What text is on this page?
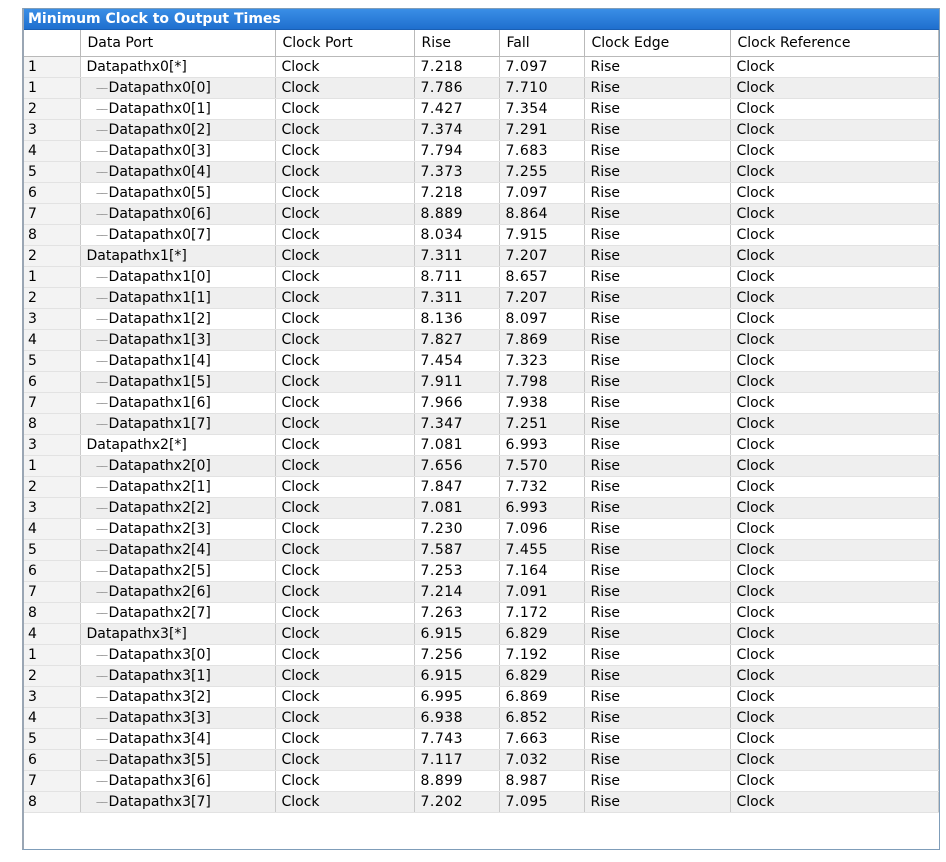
Minimum Clock to Output Times
	Data Port	Clock Port	Rise	Fall	Clock Edge	Clock Reference
1	Datapathx0[*]	Clock	7.218	7.097	Rise	Clock
1	── Datapathx0[0]	Clock	7.786	7.710	Rise	Clock
2	── Datapathx0[1]	Clock	7.427	7.354	Rise	Clock
3	── Datapathx0[2]	Clock	7.374	7.291	Rise	Clock
4	── Datapathx0[3]	Clock	7.794	7.683	Rise	Clock
5	── Datapathx0[4]	Clock	7.373	7.255	Rise	Clock
6	── Datapathx0[5]	Clock	7.218	7.097	Rise	Clock
7	── Datapathx0[6]	Clock	8.889	8.864	Rise	Clock
8	── Datapathx0[7]	Clock	8.034	7.915	Rise	Clock
2	Datapathx1[*]	Clock	7.311	7.207	Rise	Clock
1	── Datapathx1[0]	Clock	8.711	8.657	Rise	Clock
2	── Datapathx1[1]	Clock	7.311	7.207	Rise	Clock
3	── Datapathx1[2]	Clock	8.136	8.097	Rise	Clock
4	── Datapathx1[3]	Clock	7.827	7.869	Rise	Clock
5	── Datapathx1[4]	Clock	7.454	7.323	Rise	Clock
6	── Datapathx1[5]	Clock	7.911	7.798	Rise	Clock
7	── Datapathx1[6]	Clock	7.966	7.938	Rise	Clock
8	── Datapathx1[7]	Clock	7.347	7.251	Rise	Clock
3	Datapathx2[*]	Clock	7.081	6.993	Rise	Clock
1	── Datapathx2[0]	Clock	7.656	7.570	Rise	Clock
2	── Datapathx2[1]	Clock	7.847	7.732	Rise	Clock
3	── Datapathx2[2]	Clock	7.081	6.993	Rise	Clock
4	── Datapathx2[3]	Clock	7.230	7.096	Rise	Clock
5	── Datapathx2[4]	Clock	7.587	7.455	Rise	Clock
6	── Datapathx2[5]	Clock	7.253	7.164	Rise	Clock
7	── Datapathx2[6]	Clock	7.214	7.091	Rise	Clock
8	── Datapathx2[7]	Clock	7.263	7.172	Rise	Clock
4	Datapathx3[*]	Clock	6.915	6.829	Rise	Clock
1	── Datapathx3[0]	Clock	7.256	7.192	Rise	Clock
2	── Datapathx3[1]	Clock	6.915	6.829	Rise	Clock
3	── Datapathx3[2]	Clock	6.995	6.869	Rise	Clock
4	── Datapathx3[3]	Clock	6.938	6.852	Rise	Clock
5	── Datapathx3[4]	Clock	7.743	7.663	Rise	Clock
6	── Datapathx3[5]	Clock	7.117	7.032	Rise	Clock
7	── Datapathx3[6]	Clock	8.899	8.987	Rise	Clock
8	── Datapathx3[7]	Clock	7.202	7.095	Rise	Clock
